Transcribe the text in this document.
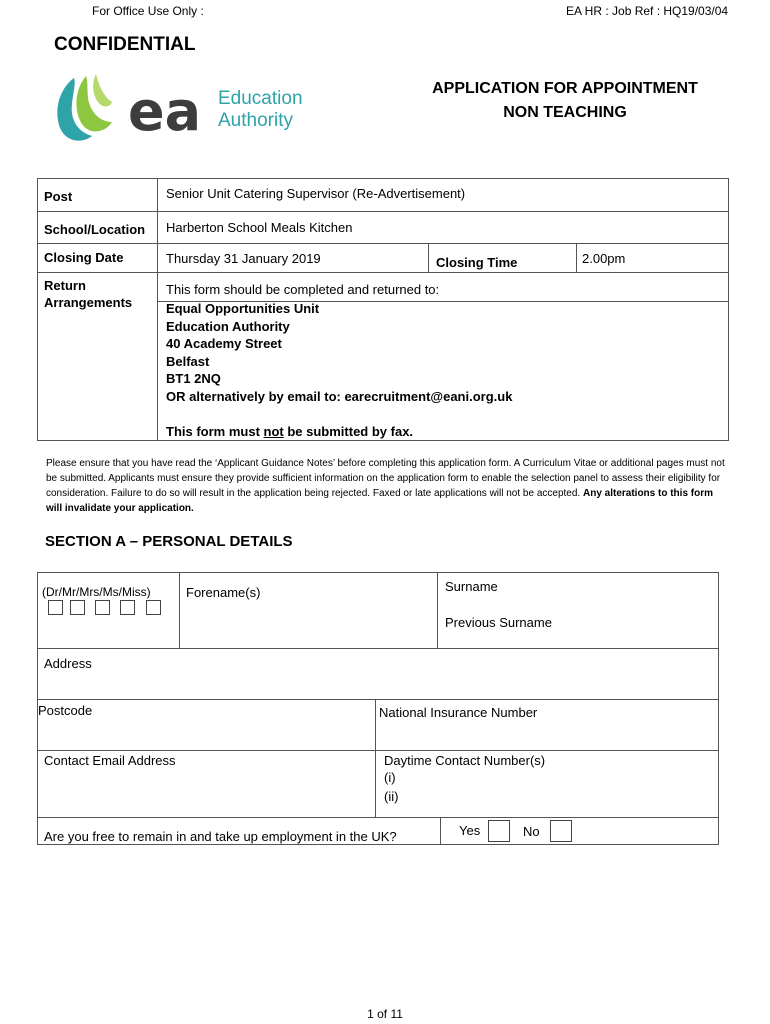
For Office Use Only :	EA HR : Job Ref : HQ19/03/04
CONFIDENTIAL
ea Education
Authority
APPLICATION FOR APPOINTMENT
NON TEACHING
Post	Senior Unit Catering Supervisor (Re-Advertisement)
School/Location Harberton School Meals Kitchen
Closing Date	Thursday 31 January 2019	Closing Time	2.00pm
Return
Arrangements
This form should be completed and returned to:
Equal Opportunities Unit
Education Authority
40 Academy Street
Belfast
BT1 2NQ
OR alternatively by email to: earecruitment@eani.org.uk
This form must not be submitted by fax.
Please ensure that you have read the ‘Applicant Guidance Notes’ before completing this application form. A Curriculum Vitae or additional pages must not be submitted. Applicants must ensure they provide sufficient information on the application form to enable the selection panel to assess their eligibility for consideration. Failure to do so will result in the application being rejected. Faxed or late applications will not be accepted. Any alterations to this form will invalidate your application.
SECTION A – PERSONAL DETAILS
(Dr/Mr/Mrs/Ms/Miss)	Forename(s)	Surname
Previous Surname
Address
Postcode	National Insurance Number
Contact Email Address	Daytime Contact Number(s)
(i)
(ii)
Are you free to remain in and take up employment in the UK?	Yes	No
1 of 11
